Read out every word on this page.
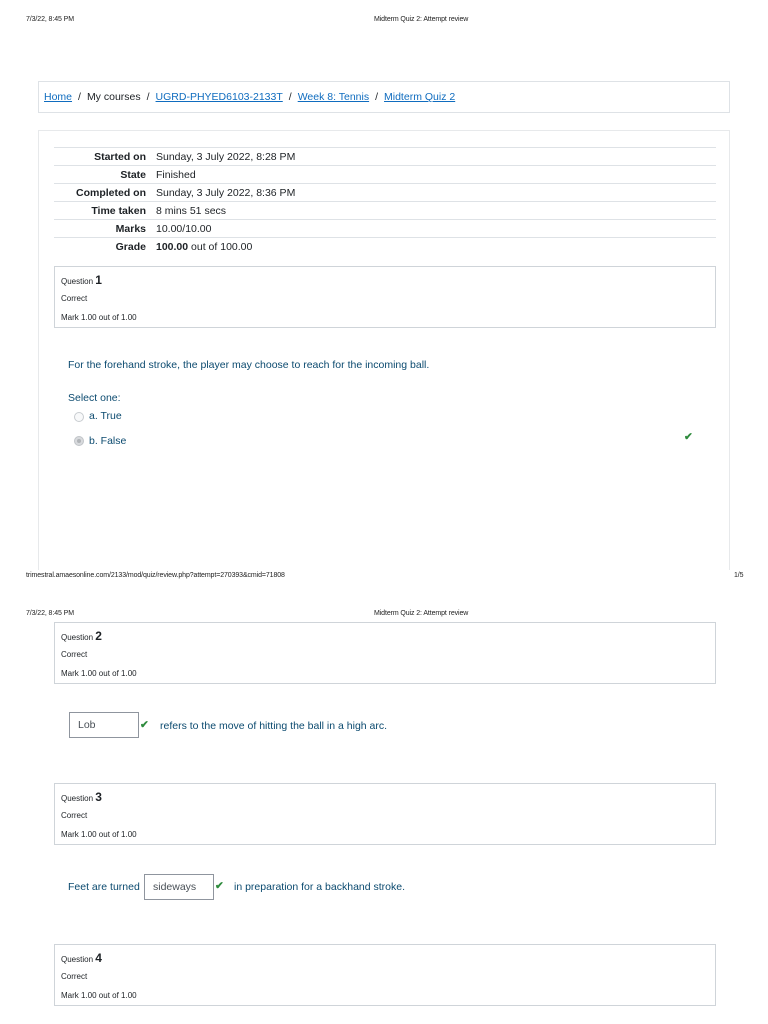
7/3/22, 8:45 PM	Midterm Quiz 2: Attempt review
Home / My courses / UGRD-PHYED6103-2133T / Week 8: Tennis / Midterm Quiz 2
Started on Sunday, 3 July 2022, 8:28 PM
State Finished
Completed on Sunday, 3 July 2022, 8:36 PM
Time taken 8 mins 51 secs
Marks 10.00/10.00
Grade 100.00 out of 100.00
Question 1
Correct
Mark 1.00 out of 1.00
For the forehand stroke, the player may choose to reach for the incoming ball.
Select one:
a. True
b. False	✔
trimestral.amaesonline.com/2133/mod/quiz/review.php?attempt=270393&cmid=71808	1/5
7/3/22, 8:45 PM	Midterm Quiz 2: Attempt review
Question 2
Correct
Mark 1.00 out of 1.00
Lob	✔ refers to the move of hitting the ball in a high arc.
Question 3
Correct
Mark 1.00 out of 1.00
Feet are turned	sideways	✔ in preparation for a backhand stroke.
Question 4
Correct
Mark 1.00 out of 1.00
